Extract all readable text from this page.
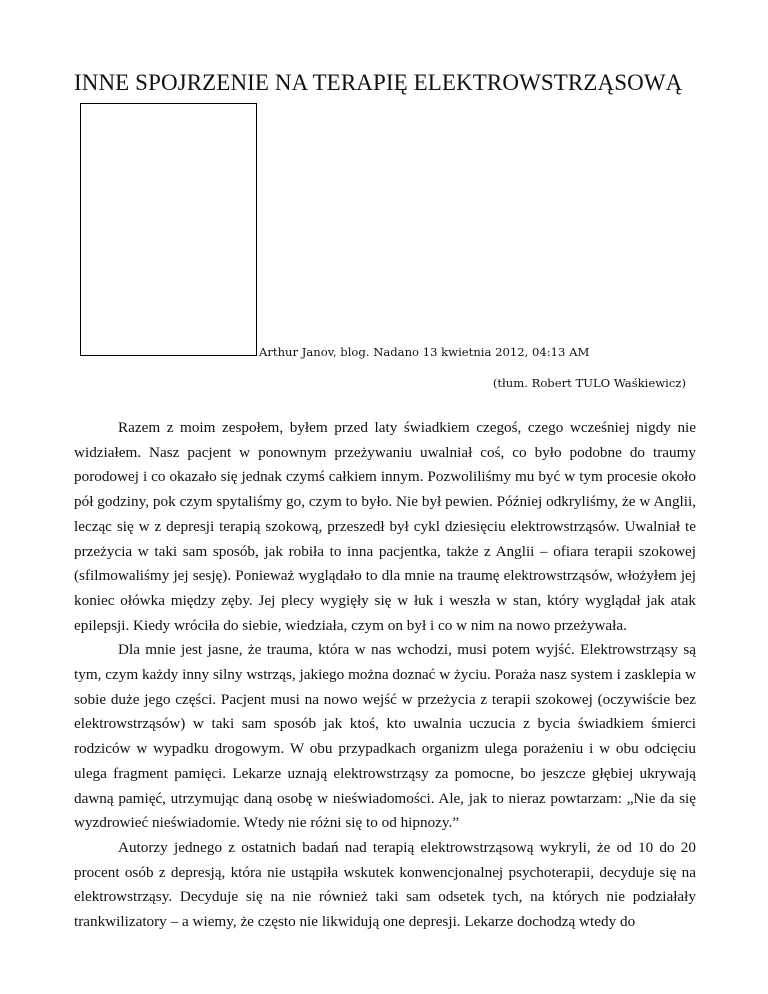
INNE SPOJRZENIE NA TERAPIĘ ELEKTROWSTRZĄSOWĄ
Arthur Janov, blog. Nadano 13 kwietnia 2012, 04:13 AM
(tłum. Robert TULO Waśkiewicz)

Razem z moim zespołem, byłem przed laty świadkiem czegoś, czego wcześniej nigdy nie widziałem. Nasz pacjent w ponownym przeżywaniu uwalniał coś, co było podobne do traumy porodowej i co okazało się jednak czymś całkiem innym. Pozwoliliśmy mu być w tym procesie około pół godziny, pok czym spytaliśmy go, czym to było. Nie był pewien. Później odkryliśmy, że w Anglii, lecząc się w z depresji terapią szokową, przeszedł był cykl dziesięciu elektrowstrząsów. Uwalniał te przeżycia w taki sam sposób, jak robiła to inna pacjentka, także z Anglii – ofiara terapii szokowej (sfilmowaliśmy jej sesję). Ponieważ wyglądało to dla mnie na traumę elektrowstrząsów, włożyłem jej koniec ołówka między zęby. Jej plecy wygięły się w łuk i weszła w stan, który wyglądał jak atak epilepsji. Kiedy wróciła do siebie, wiedziała, czym on był i co w nim na nowo przeżywała.

Dla mnie jest jasne, że trauma, która w nas wchodzi, musi potem wyjść. Elektrowstrząsy są tym, czym każdy inny silny wstrząs, jakiego można doznać w życiu. Poraża nasz system i zasklepia w sobie duże jego części. Pacjent musi na nowo wejść w przeżycia z terapii szokowej (oczywiście bez elektrowstrząsów) w taki sam sposób jak ktoś, kto uwalnia uczucia z bycia świadkiem śmierci rodziców w wypadku drogowym. W obu przypadkach organizm ulega porażeniu i w obu odcięciu ulega fragment pamięci. Lekarze uznają elektrowstrząsy za pomocne, bo jeszcze głębiej ukrywają dawną pamięć, utrzymując daną osobę w nieświadomości. Ale, jak to nieraz powtarzam: „Nie da się wyzdrowieć nieświadomie. Wtedy nie różni się to od hipnozy.”

Autorzy jednego z ostatnich badań nad terapią elektrowstrząsową wykryli, że od 10 do 20 procent osób z depresją, która nie ustąpiła wskutek konwencjonalnej psychoterapii, decyduje się na elektrowstrząsy. Decyduje się na nie również taki sam odsetek tych, na których nie podziałały trankwilizatory – a wiemy, że często nie likwidują one depresji. Lekarze dochodzą wtedy do
